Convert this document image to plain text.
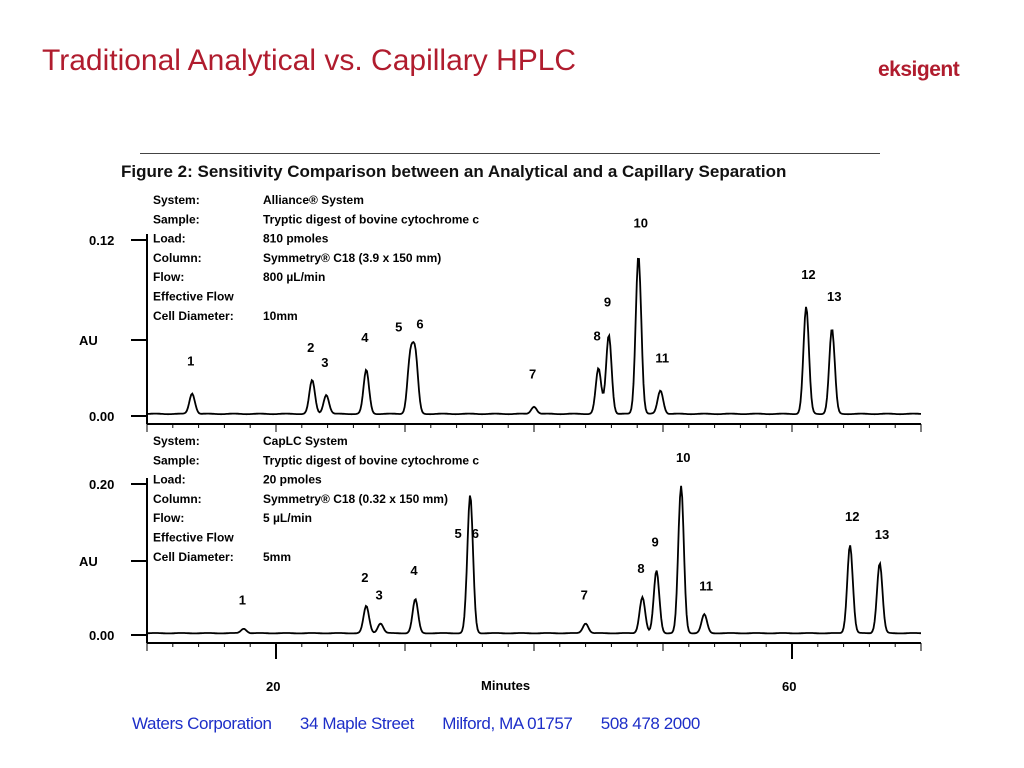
Traditional Analytical vs. Capillary HPLC	eksigent
Figure 2: Sensitivity Comparison between an Analytical and a Capillary Separation
0.12
0.00
AU
1
2
3
4
5 6
7
8
9
10
11
12
13
System:	Alliance® System
Sample:	Tryptic digest of bovine cytochrome c
Load:	810 pmoles
Column:	Symmetry® C18 (3.9 x 150 mm)
Flow:	800 µL/min
Effective Flow
Cell Diameter: 10mm
0.20
0.00
AU
1
2
3
4
5 6
7
8
9
10
11
12
13
System:	CapLC System
Sample:	Tryptic digest of bovine cytochrome c
Load:	20 pmoles
Column:	Symmetry® C18 (0.32 x 150 mm)
Flow:	5 µL/min
Effective Flow
Cell Diameter: 5mm
20	60
Minutes
Waters Corporation 34 Maple Street Milford, MA 01757 508 478 2000
